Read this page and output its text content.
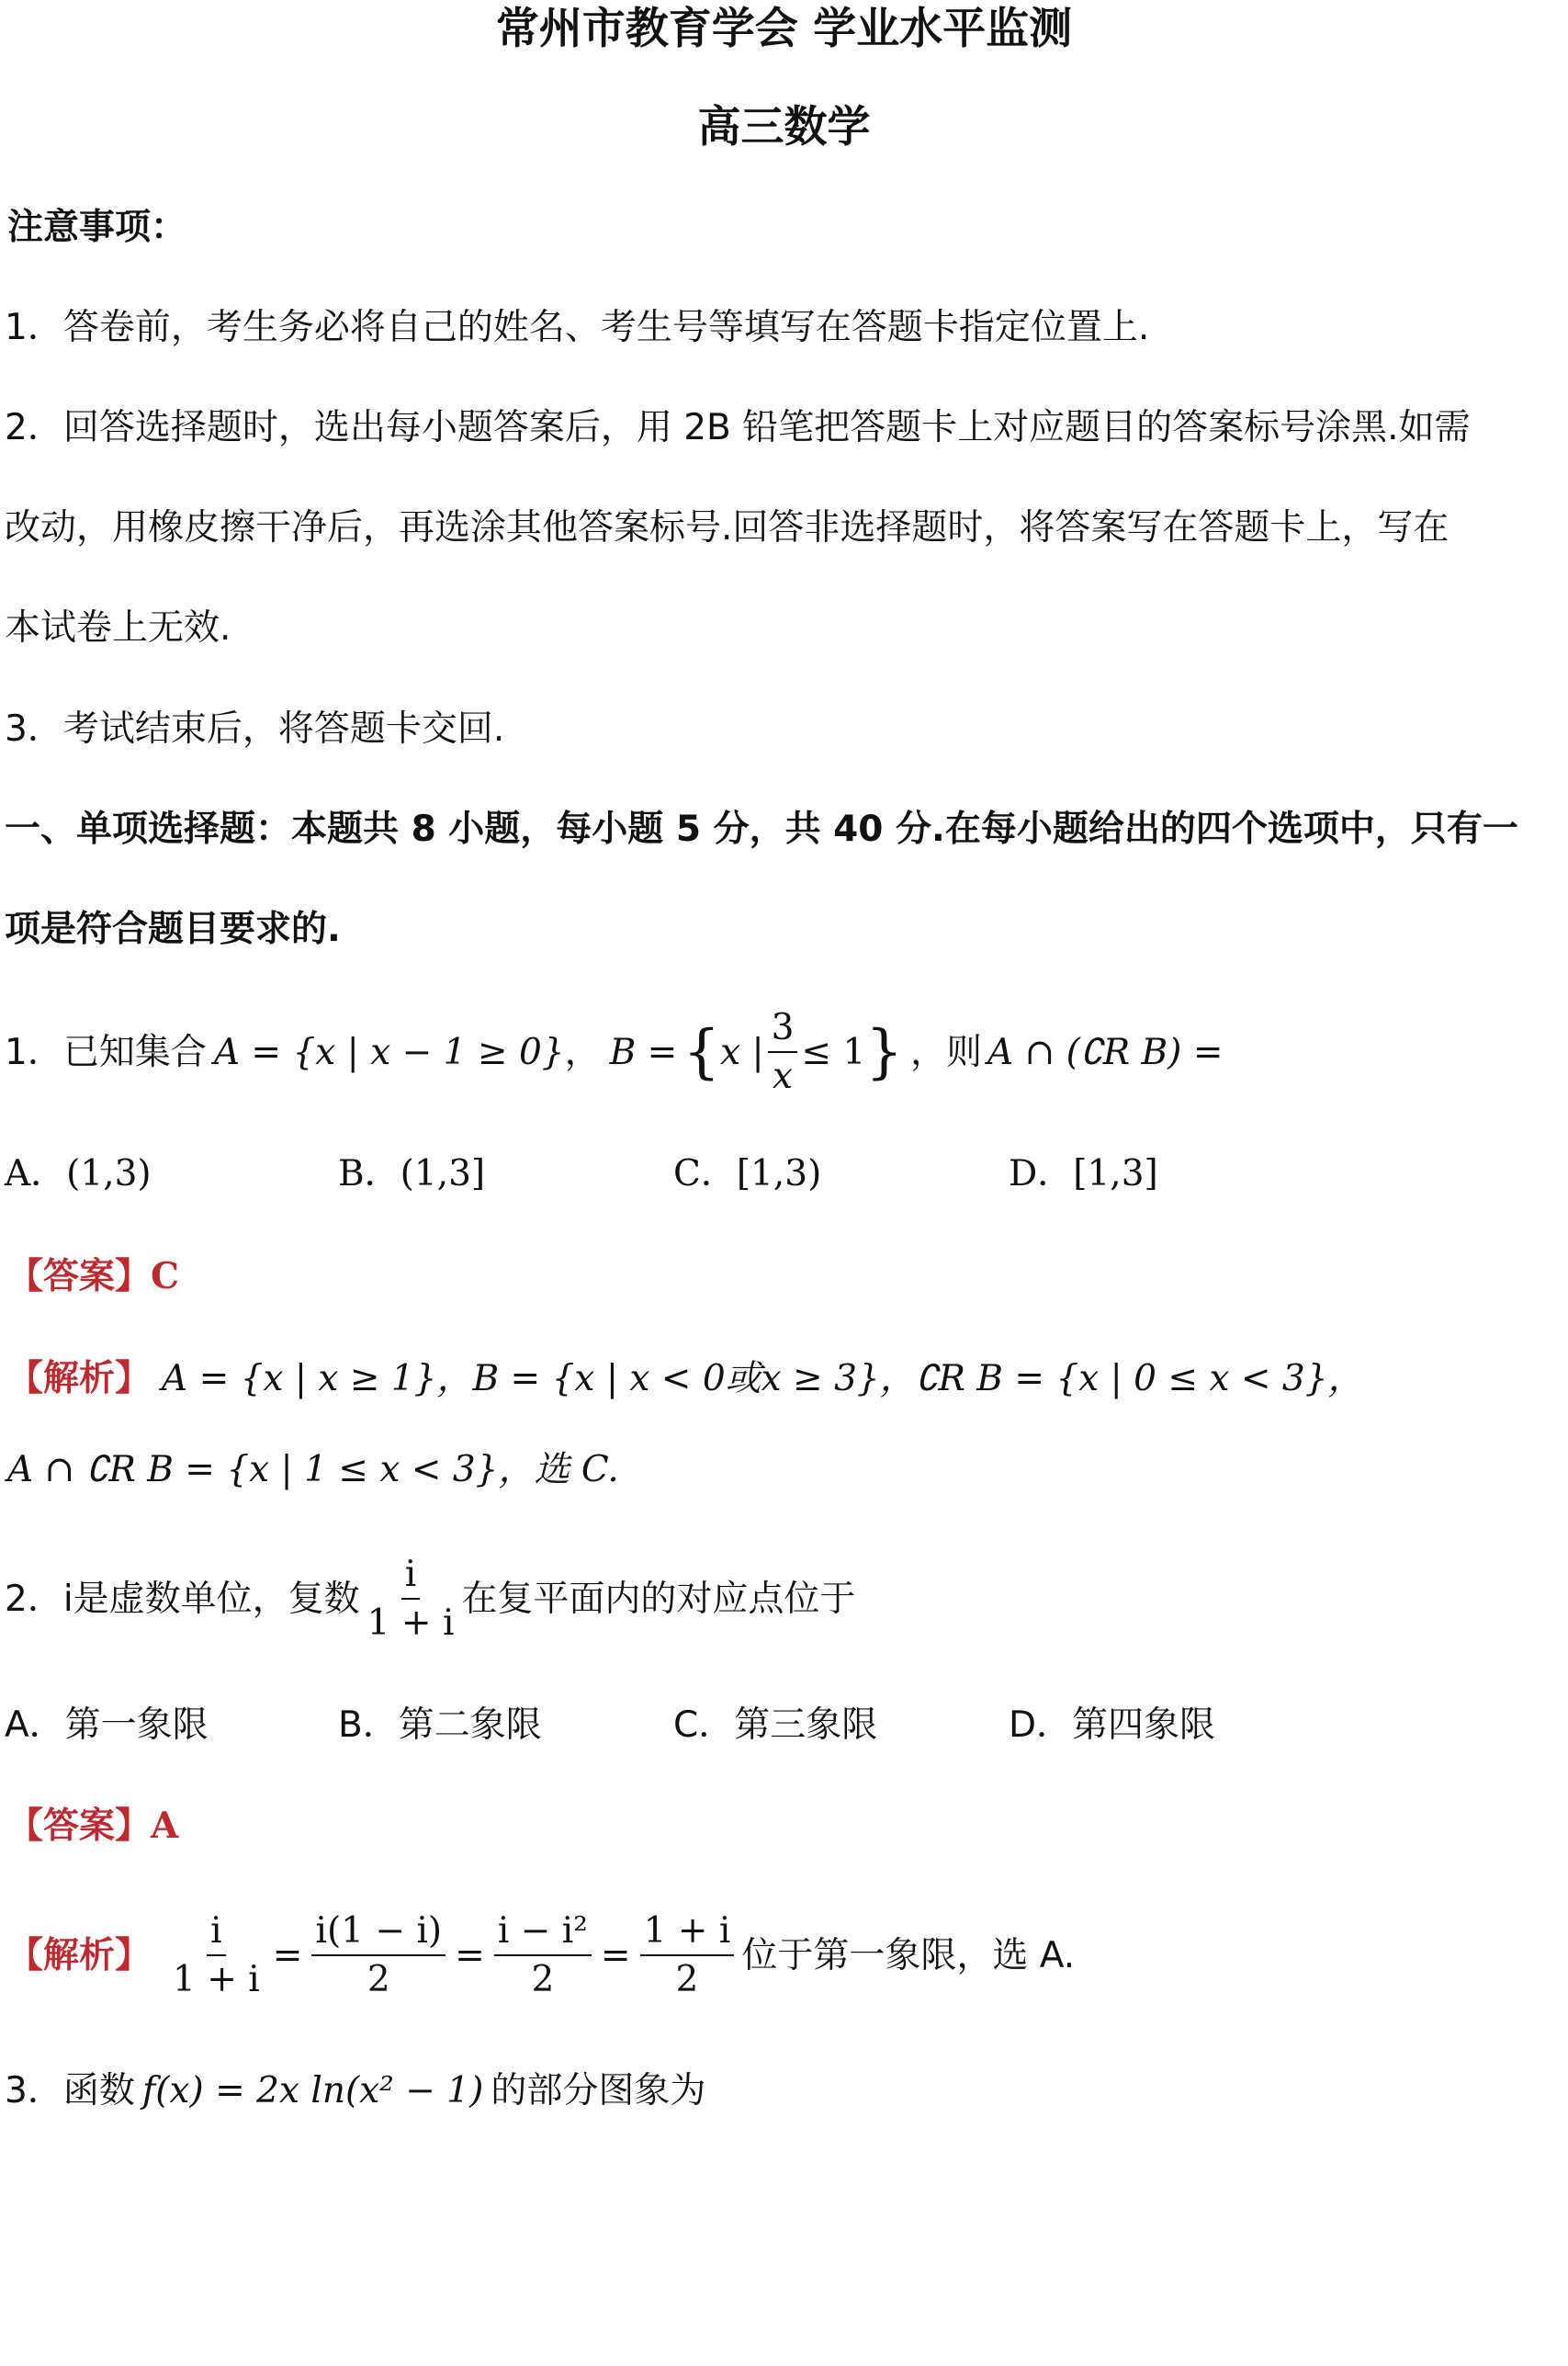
常州市教育学会 学业水平监测
高三数学
注意事项：
1．答卷前，考生务必将自己的姓名、考生号等填写在答题卡指定位置上.
2．回答选择题时，选出每小题答案后，用 2B 铅笔把答题卡上对应题目的答案标号涂黑.如需
改动，用橡皮擦干净后，再选涂其他答案标号.回答非选择题时，将答案写在答题卡上，写在
本试卷上无效.
3．考试结束后，将答题卡交回.
一、单项选择题：本题共 8 小题，每小题 5 分，共 40 分.在每小题给出的四个选项中，只有一
项是符合题目要求的.
1．已知集合 A = {x | x − 1 ≥ 0} ， B = { x | $\frac{3}{x} \le 1$ } ，则 A ∩ (∁R B) =
A．(1,3)	B．(1,3]	C．[1,3)	D．[1,3]
【答案】C
【解析】 A = {x | x ≥ 1}，B = {x | x < 0或x ≥ 3}，∁R B = {x | 0 ≤ x < 3}，
A ∩ ∁R B = {x | 1 ≤ x < 3}，选 C.
2．i是虚数单位，复数 $\frac{i}{1 + i}$ 在复平面内的对应点位于
A．第一象限	B．第二象限	C．第三象限	D．第四象限
【答案】A
【解析】 $\frac{i}{1 + i} = \frac{i(1 - i)}{2} = \frac{\text{i − i²}}{2} = \frac{1 + i}{2}$ 位于第一象限，选 A.
3．函数 f(x) = 2x ln(x² − 1) 的部分图象为
